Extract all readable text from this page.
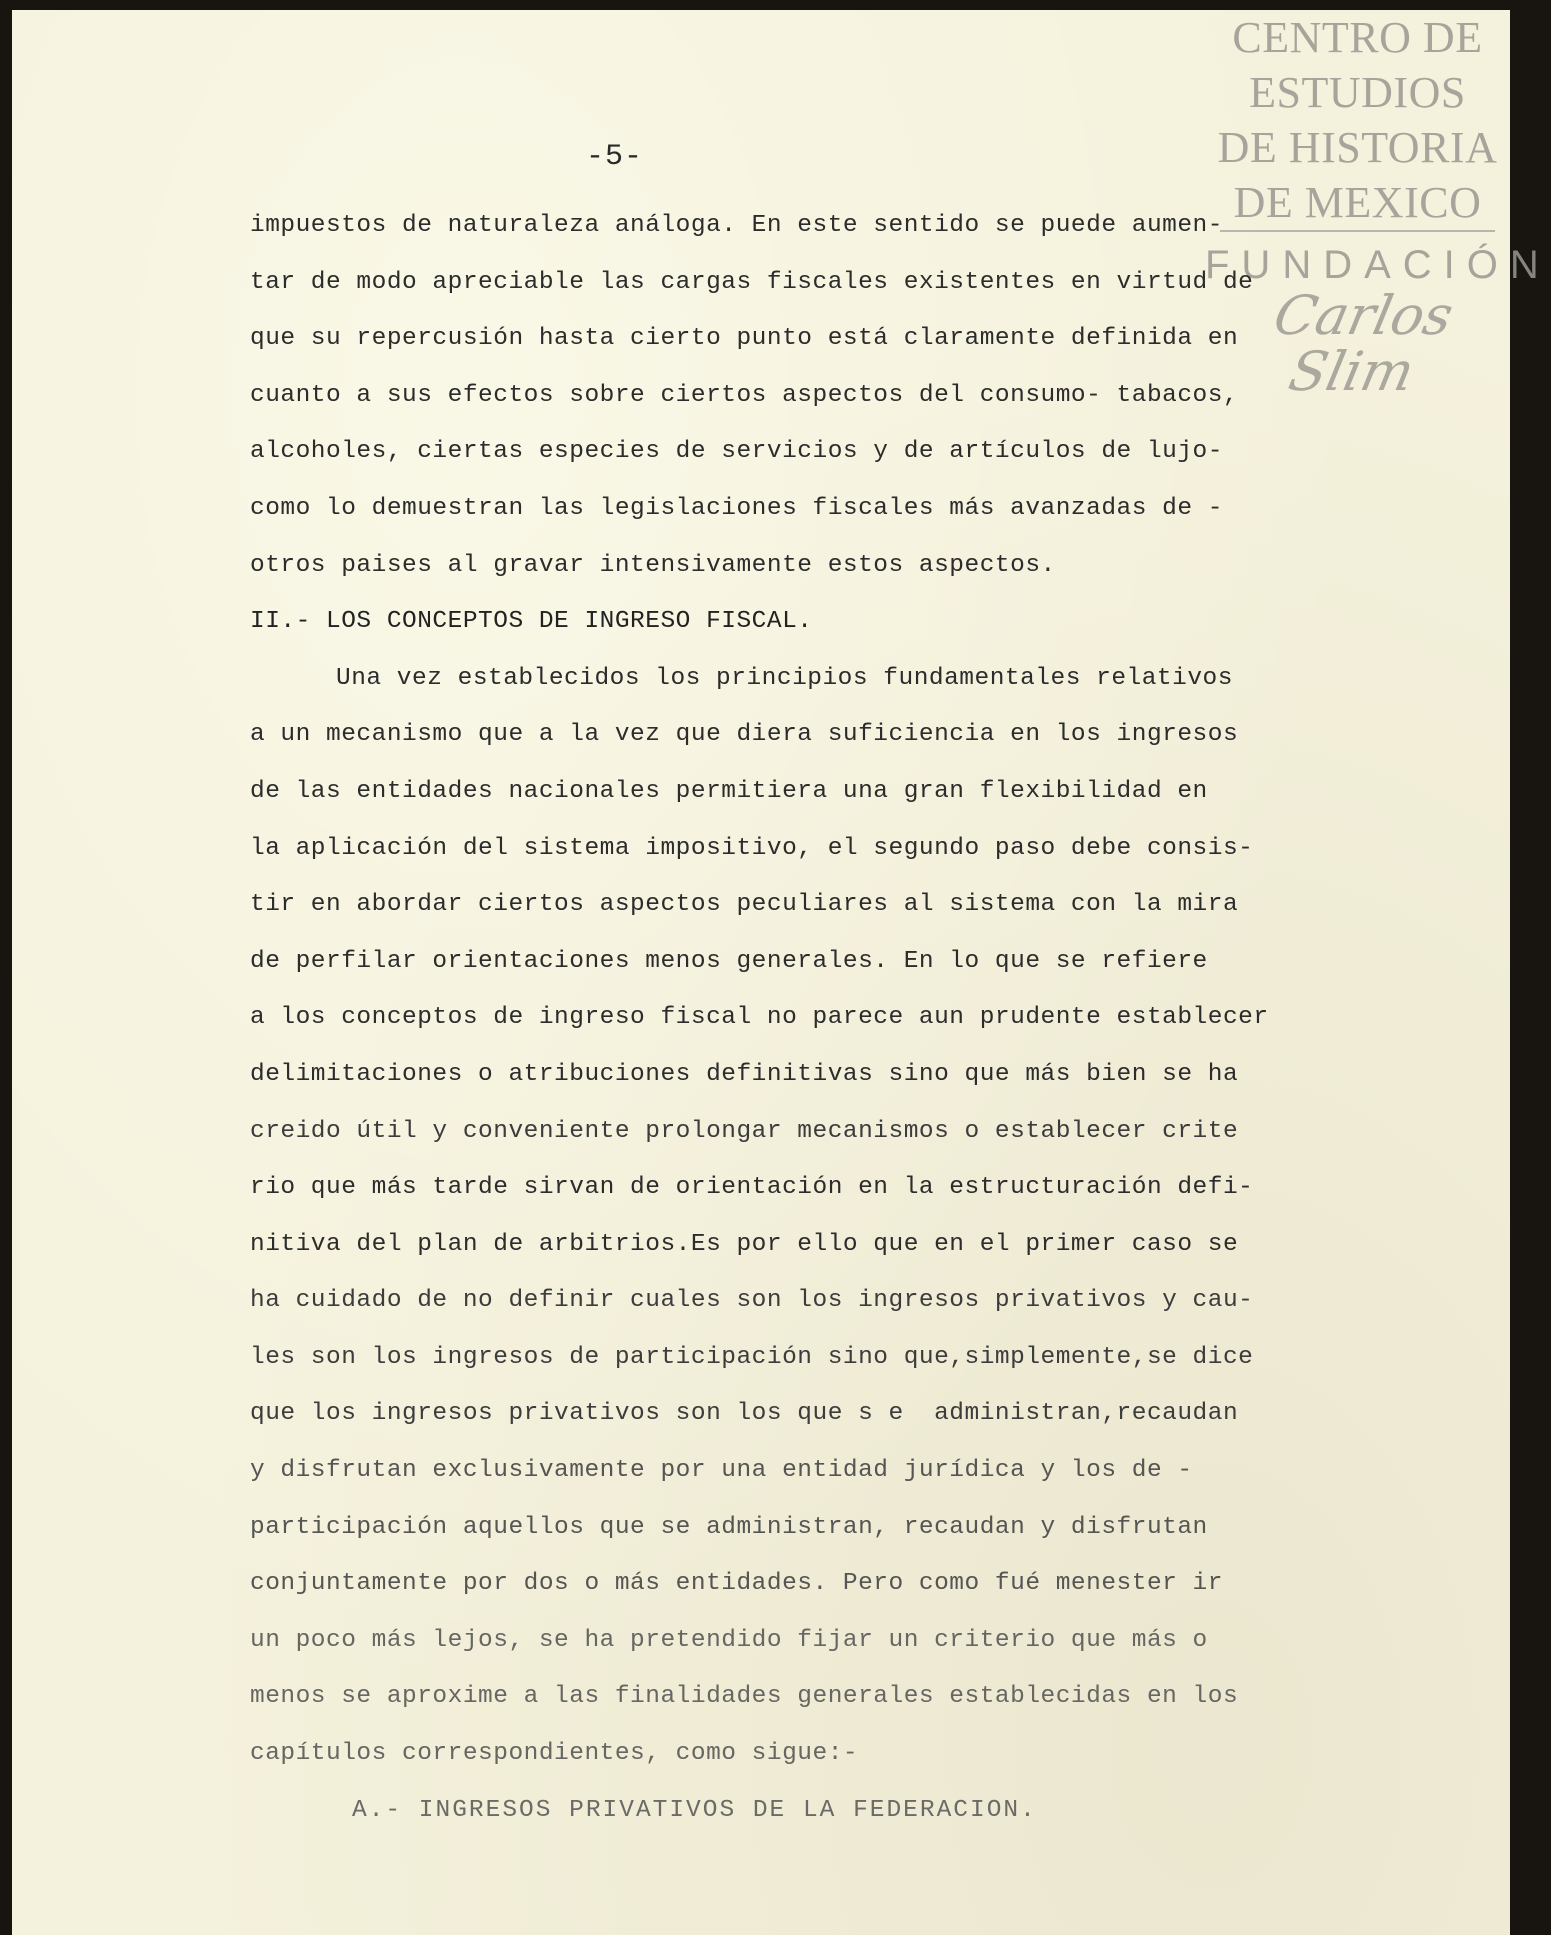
CENTRO DE
ESTUDIOS
DE HISTORIA
DE MEXICO
FUNDACIÓN
Carlos Slim
-5-
impuestos de naturaleza análoga. En este sentido se puede aumen-
tar de modo apreciable las cargas fiscales existentes en virtud de
que su repercusión hasta cierto punto está claramente definida en
cuanto a sus efectos sobre ciertos aspectos del consumo- tabacos,
alcoholes, ciertas especies de servicios y de artículos de lujo-
como lo demuestran las legislaciones fiscales más avanzadas de -
otros paises al gravar intensivamente estos aspectos.
II.- LOS CONCEPTOS DE INGRESO FISCAL.
Una vez establecidos los principios fundamentales relativos
a un mecanismo que a la vez que diera suficiencia en los ingresos
de las entidades nacionales permitiera una gran flexibilidad en
la aplicación del sistema impositivo, el segundo paso debe consis-
tir en abordar ciertos aspectos peculiares al sistema con la mira
de perfilar orientaciones menos generales. En lo que se refiere
a los conceptos de ingreso fiscal no parece aun prudente establecer
delimitaciones o atribuciones definitivas sino que más bien se ha
creido útil y conveniente prolongar mecanismos o establecer crite
rio que más tarde sirvan de orientación en la estructuración defi-
nitiva del plan de arbitrios.Es por ello que en el primer caso se
ha cuidado de no definir cuales son los ingresos privativos y cau-
les son los ingresos de participación sino que,simplemente,se dice
que los ingresos privativos son los que s e  administran,recaudan
y disfrutan exclusivamente por una entidad jurídica y los de -
participación aquellos que se administran, recaudan y disfrutan
conjuntamente por dos o más entidades. Pero como fué menester ir
un poco más lejos, se ha pretendido fijar un criterio que más o
menos se aproxime a las finalidades generales establecidas en los
capítulos correspondientes, como sigue:-
A.- INGRESOS PRIVATIVOS DE LA FEDERACION.
